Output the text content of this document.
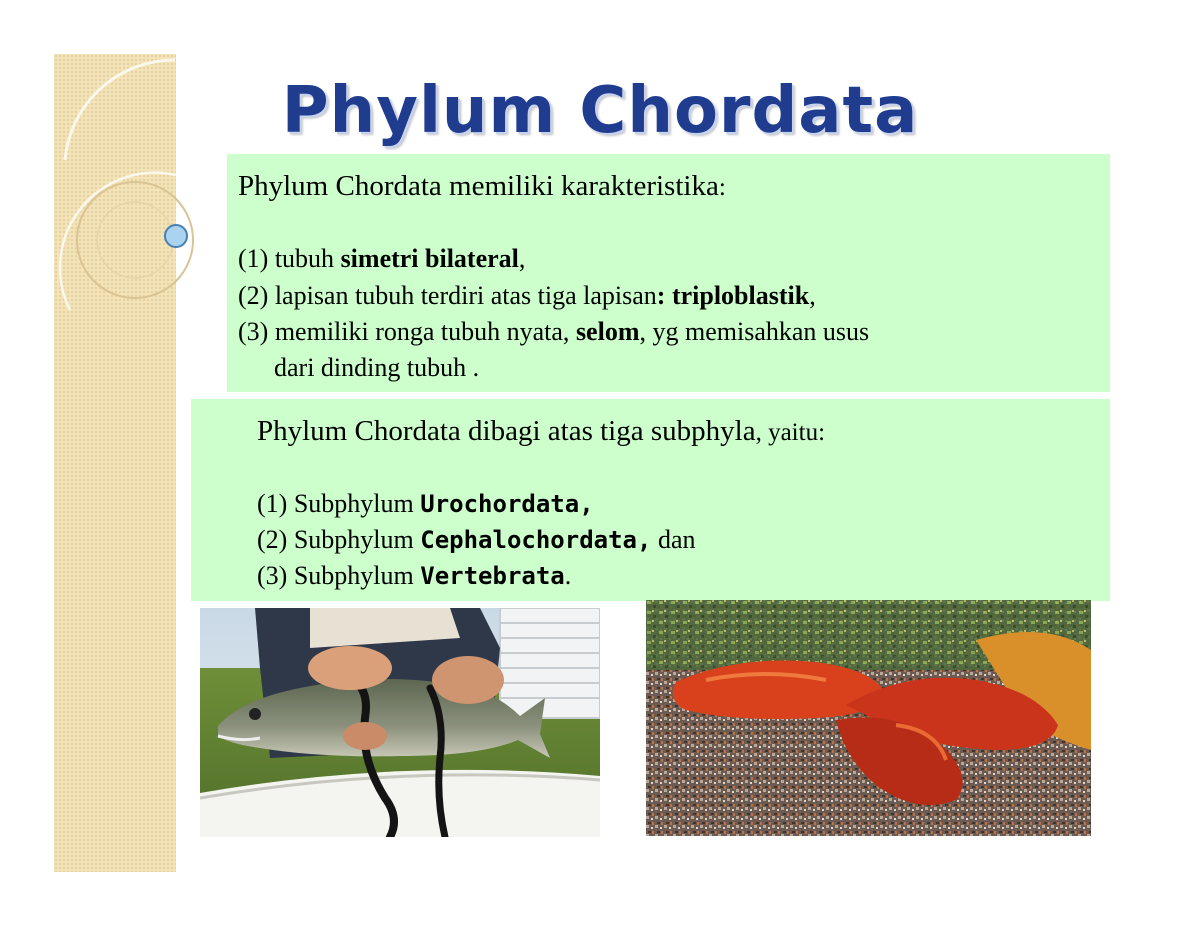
Phylum Chordata
Phylum Chordata memiliki karakteristika:
(1) tubuh simetri bilateral,
(2) lapisan tubuh terdiri atas tiga lapisan: triploblastik,
(3) memiliki ronga tubuh nyata, selom, yg memisahkan usus
dari dinding tubuh .
Phylum Chordata dibagi atas tiga subphyla, yaitu:
(1) Subphylum Urochordata,
(2) Subphylum Cephalochordata, dan
(3) Subphylum Vertebrata.
